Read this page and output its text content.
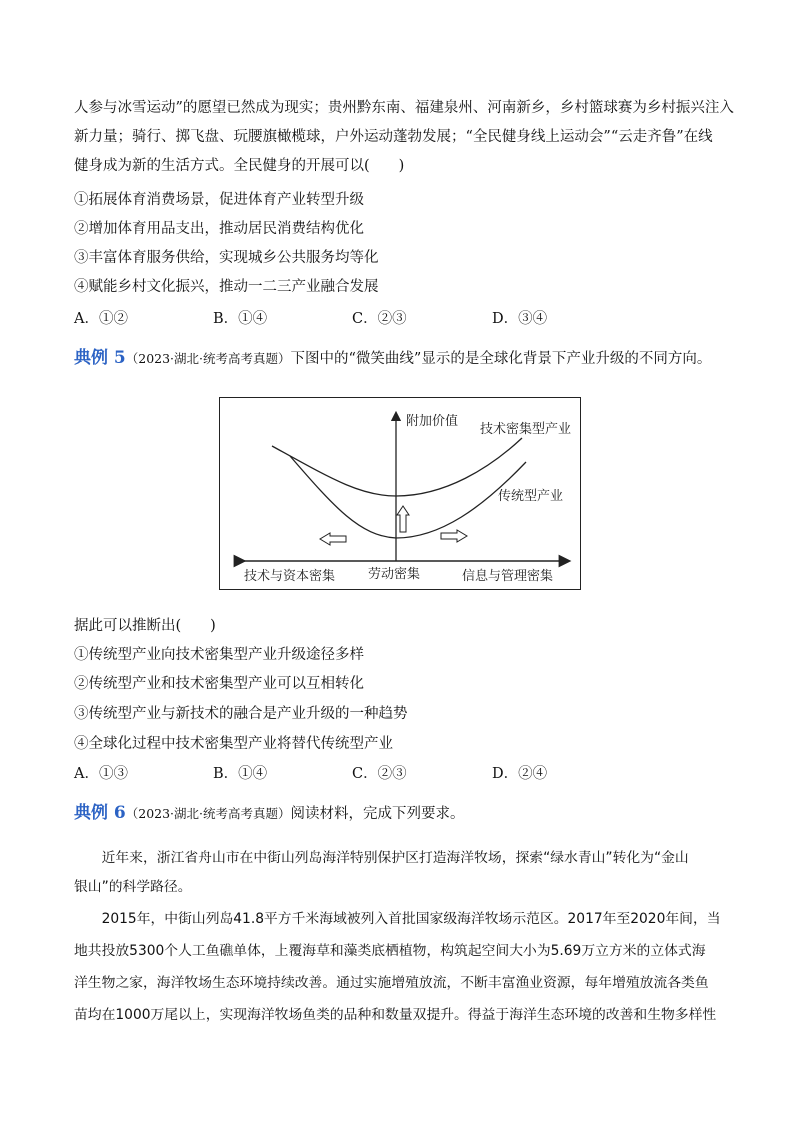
人参与冰雪运动”的愿望已然成为现实；贵州黔东南、福建泉州、河南新乡，乡村篮球赛为乡村振兴注入
新力量；骑行、掷飞盘、玩腰旗橄榄球，户外运动蓬勃发展；“全民健身线上运动会”“云走齐鲁”在线
健身成为新的生活方式。全民健身的开展可以(　　)
①拓展体育消费场景，促进体育产业转型升级
②增加体育用品支出，推动居民消费结构优化
③丰富体育服务供给，实现城乡公共服务均等化
④赋能乡村文化振兴，推动一二三产业融合发展
A．①②	B．①④	C．②③	D．③④
典例 5（2023·湖北·统考高考真题）下图中的“微笑曲线”显示的是全球化背景下产业升级的不同方向。
附加价值
技术密集型产业
传统型产业
技术与资本密集	劳动密集	信息与管理密集
据此可以推断出(　　)
①传统型产业向技术密集型产业升级途径多样
②传统型产业和技术密集型产业可以互相转化
③传统型产业与新技术的融合是产业升级的一种趋势
④全球化过程中技术密集型产业将替代传统型产业
A．①③	B．①④	C．②③	D．②④
典例 6（2023·湖北·统考高考真题）阅读材料，完成下列要求。
　　近年来，浙江省舟山市在中街山列岛海洋特别保护区打造海洋牧场，探索“绿水青山”转化为“金山
银山”的科学路径。
　　2015年，中街山列岛41.8平方千米海域被列入首批国家级海洋牧场示范区。2017年至2020年间，当
地共投放5300个人工鱼礁单体，上覆海草和藻类底栖植物，构筑起空间大小为5.69万立方米的立体式海
洋生物之家，海洋牧场生态环境持续改善。通过实施增殖放流，不断丰富渔业资源，每年增殖放流各类鱼
苗均在1000万尾以上，实现海洋牧场鱼类的品种和数量双提升。得益于海洋生态环境的改善和生物多样性
